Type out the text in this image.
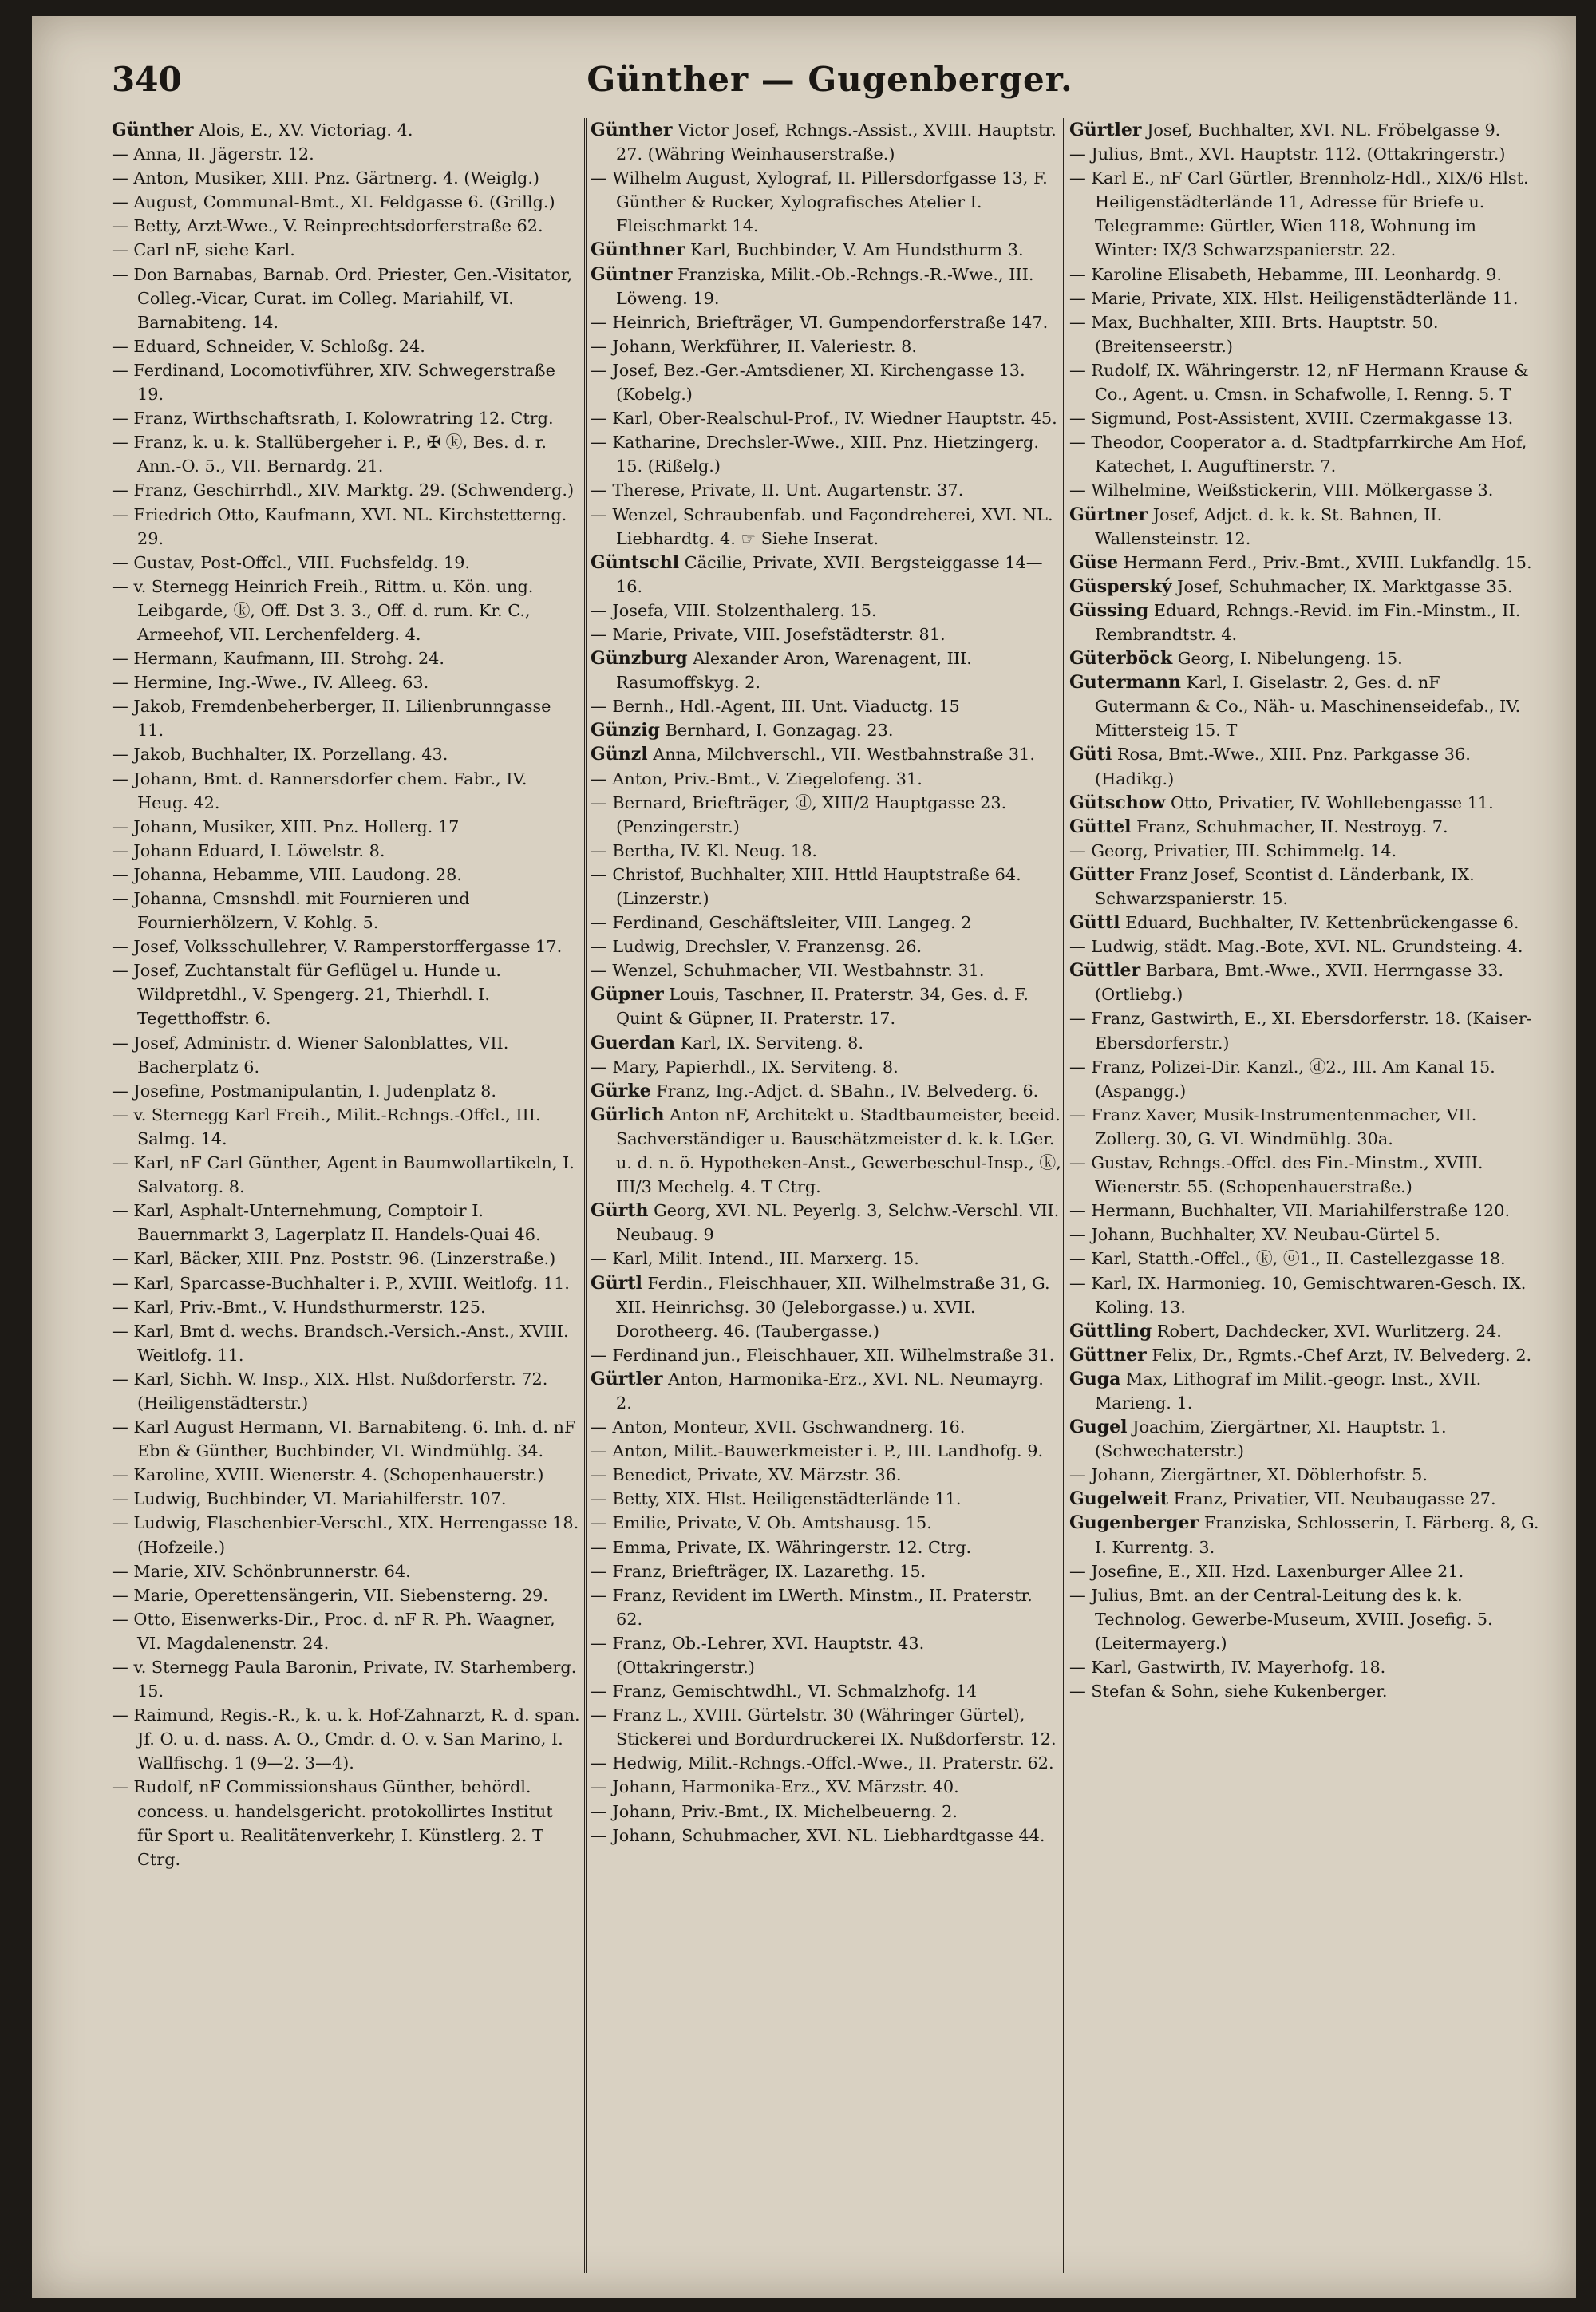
340	Günther — Gugenberger.
Günther Alois, E., XV. Victoriag. 4.
— Anna, II. Jägerstr. 12.
— Anton, Musiker, XIII. Pnz. Gärtnerg. 4. (Weiglg.)
— August, Communal-Bmt., XI. Feldgasse 6. (Grillg.)
— Betty, Arzt-Wwe., V. Reinprechtsdorferstraße 62.
— Carl nF, siehe Karl.
— Don Barnabas, Barnab. Ord. Priester, Gen.-Visitator, Colleg.-Vicar, Curat. im Colleg. Mariahilf, VI. Barnabiteng. 14.
— Eduard, Schneider, V. Schloßg. 24.
— Ferdinand, Locomotivführer, XIV. Schwegerstraße 19.
— Franz, Wirthschaftsrath, I. Kolowratring 12. Ctrg.
— Franz, k. u. k. Stallübergeher i. P., ✠ ⓚ, Bes. d. r. Ann.-O. 5., VII. Bernardg. 21.
— Franz, Geschirrhdl., XIV. Marktg. 29. (Schwenderg.)
— Friedrich Otto, Kaufmann, XVI. NL. Kirchstetterng. 29.
— Gustav, Post-Offcl., VIII. Fuchsfeldg. 19.
— v. Sternegg Heinrich Freih., Rittm. u. Kön. ung. Leibgarde, ⓚ, Off. Dst 3. 3., Off. d. rum. Kr. C., Armeehof, VII. Lerchenfelderg. 4.
— Hermann, Kaufmann, III. Strohg. 24.
— Hermine, Ing.-Wwe., IV. Alleeg. 63.
— Jakob, Fremdenbeherberger, II. Lilienbrunngasse 11.
— Jakob, Buchhalter, IX. Porzellang. 43.
— Johann, Bmt. d. Rannersdorfer chem. Fabr., IV. Heug. 42.
— Johann, Musiker, XIII. Pnz. Hollerg. 17
— Johann Eduard, I. Löwelstr. 8.
— Johanna, Hebamme, VIII. Laudong. 28.
— Johanna, Cmsnshdl. mit Fournieren und Fournierhölzern, V. Kohlg. 5.
— Josef, Volksschullehrer, V. Ramperstorffergasse 17.
— Josef, Zuchtanstalt für Geflügel u. Hunde u. Wildpretdhl., V. Spengerg. 21, Thierhdl. I. Tegetthoffstr. 6.
— Josef, Administr. d. Wiener Salonblattes, VII. Bacherplatz 6.
— Josefine, Postmanipulantin, I. Judenplatz 8.
— v. Sternegg Karl Freih., Milit.-Rchngs.-Offcl., III. Salmg. 14.
— Karl, nF Carl Günther, Agent in Baumwollartikeln, I. Salvatorg. 8.
— Karl, Asphalt-Unternehmung, Comptoir I. Bauernmarkt 3, Lagerplatz II. Handels-Quai 46.
— Karl, Bäcker, XIII. Pnz. Poststr. 96. (Linzerstraße.)
— Karl, Sparcasse-Buchhalter i. P., XVIII. Weitlofg. 11.
— Karl, Priv.-Bmt., V. Hundsthurmerstr. 125.
— Karl, Bmt d. wechs. Brandsch.-Versich.-Anst., XVIII. Weitlofg. 11.
— Karl, Sichh. W. Insp., XIX. Hlst. Nußdorferstr. 72. (Heiligenstädterstr.)
— Karl August Hermann, VI. Barnabiteng. 6. Inh. d. nF Ebn & Günther, Buchbinder, VI. Windmühlg. 34.
— Karoline, XVIII. Wienerstr. 4. (Schopenhauerstr.)
— Ludwig, Buchbinder, VI. Mariahilferstr. 107.
— Ludwig, Flaschenbier-Verschl., XIX. Herrengasse 18. (Hofzeile.)
— Marie, XIV. Schönbrunnerstr. 64.
— Marie, Operettensängerin, VII. Siebensterng. 29.
— Otto, Eisenwerks-Dir., Proc. d. nF R. Ph. Waagner, VI. Magdalenenstr. 24.
— v. Sternegg Paula Baronin, Private, IV. Starhemberg. 15.
— Raimund, Regis.-R., k. u. k. Hof-Zahnarzt, R. d. span. Jf. O. u. d. nass. A. O., Cmdr. d. O. v. San Marino, I. Wallfischg. 1 (9—2. 3—4).
— Rudolf, nF Commissionshaus Günther, behördl. concess. u. handelsgericht. protokollirtes Institut für Sport u. Realitätenverkehr, I. Künstlerg. 2. T Ctrg.
Günther Victor Josef, Rchngs.-Assist., XVIII. Hauptstr. 27. (Währing Weinhauserstraße.)
— Wilhelm August, Xylograf, II. Pillersdorfgasse 13, F. Günther & Rucker, Xylografisches Atelier I. Fleischmarkt 14.
Günthner Karl, Buchbinder, V. Am Hundsthurm 3.
Güntner Franziska, Milit.-Ob.-Rchngs.-R.-Wwe., III. Löweng. 19.
— Heinrich, Briefträger, VI. Gumpendorferstraße 147.
— Johann, Werkführer, II. Valeriestr. 8.
— Josef, Bez.-Ger.-Amtsdiener, XI. Kirchengasse 13. (Kobelg.)
— Karl, Ober-Realschul-Prof., IV. Wiedner Hauptstr. 45.
— Katharine, Drechsler-Wwe., XIII. Pnz. Hietzingerg. 15. (Rißelg.)
— Therese, Private, II. Unt. Augartenstr. 37.
— Wenzel, Schraubenfab. und Façondreherei, XVI. NL. Liebhardtg. 4. ☞ Siehe Inserat.
Güntschl Cäcilie, Private, XVII. Bergsteiggasse 14—16.
— Josefa, VIII. Stolzenthalerg. 15.
— Marie, Private, VIII. Josefstädterstr. 81.
Günzburg Alexander Aron, Warenagent, III. Rasumoffskyg. 2.
— Bernh., Hdl.-Agent, III. Unt. Viaductg. 15
Günzig Bernhard, I. Gonzagag. 23.
Günzl Anna, Milchverschl., VII. Westbahnstraße 31.
— Anton, Priv.-Bmt., V. Ziegelofeng. 31.
— Bernard, Briefträger, ⓓ, XIII/2 Hauptgasse 23. (Penzingerstr.)
— Bertha, IV. Kl. Neug. 18.
— Christof, Buchhalter, XIII. Httld Hauptstraße 64. (Linzerstr.)
— Ferdinand, Geschäftsleiter, VIII. Langeg. 2
— Ludwig, Drechsler, V. Franzensg. 26.
— Wenzel, Schuhmacher, VII. Westbahnstr. 31.
Güpner Louis, Taschner, II. Praterstr. 34, Ges. d. F. Quint & Güpner, II. Praterstr. 17.
Guerdan Karl, IX. Serviteng. 8.
— Mary, Papierhdl., IX. Serviteng. 8.
Gürke Franz, Ing.-Adjct. d. SBahn., IV. Belvederg. 6.
Gürlich Anton nF, Architekt u. Stadtbaumeister, beeid. Sachverständiger u. Bauschätzmeister d. k. k. LGer. u. d. n. ö. Hypotheken-Anst., Gewerbeschul-Insp., ⓚ, III/3 Mechelg. 4. T Ctrg.
Gürth Georg, XVI. NL. Peyerlg. 3, Selchw.-Verschl. VII. Neubaug. 9
— Karl, Milit. Intend., III. Marxerg. 15.
Gürtl Ferdin., Fleischhauer, XII. Wilhelmstraße 31, G. XII. Heinrichsg. 30 (Jeleborgasse.) u. XVII. Dorotheerg. 46. (Taubergasse.)
— Ferdinand jun., Fleischhauer, XII. Wilhelmstraße 31.
Gürtler Anton, Harmonika-Erz., XVI. NL. Neumayrg. 2.
— Anton, Monteur, XVII. Gschwandnerg. 16.
— Anton, Milit.-Bauwerkmeister i. P., III. Landhofg. 9.
— Benedict, Private, XV. Märzstr. 36.
— Betty, XIX. Hlst. Heiligenstädterlände 11.
— Emilie, Private, V. Ob. Amtshausg. 15.
— Emma, Private, IX. Währingerstr. 12. Ctrg.
— Franz, Briefträger, IX. Lazarethg. 15.
— Franz, Revident im LWerth. Minstm., II. Praterstr. 62.
— Franz, Ob.-Lehrer, XVI. Hauptstr. 43. (Ottakringerstr.)
— Franz, Gemischtwdhl., VI. Schmalzhofg. 14
— Franz L., XVIII. Gürtelstr. 30 (Währinger Gürtel), Stickerei und Bordurdruckerei IX. Nußdorferstr. 12.
— Hedwig, Milit.-Rchngs.-Offcl.-Wwe., II. Praterstr. 62.
— Johann, Harmonika-Erz., XV. Märzstr. 40.
— Johann, Priv.-Bmt., IX. Michelbeuerng. 2.
— Johann, Schuhmacher, XVI. NL. Liebhardtgasse 44.
Gürtler Josef, Buchhalter, XVI. NL. Fröbelgasse 9.
— Julius, Bmt., XVI. Hauptstr. 112. (Ottakringerstr.)
— Karl E., nF Carl Gürtler, Brennholz-Hdl., XIX/6 Hlst. Heiligenstädterlände 11, Adresse für Briefe u. Telegramme: Gürtler, Wien 118, Wohnung im Winter: IX/3 Schwarzspanierstr. 22.
— Karoline Elisabeth, Hebamme, III. Leonhardg. 9.
— Marie, Private, XIX. Hlst. Heiligenstädterlände 11.
— Max, Buchhalter, XIII. Brts. Hauptstr. 50. (Breitenseerstr.)
— Rudolf, IX. Währingerstr. 12, nF Hermann Krause & Co., Agent. u. Cmsn. in Schafwolle, I. Renng. 5. T
— Sigmund, Post-Assistent, XVIII. Czermakgasse 13.
— Theodor, Cooperator a. d. Stadtpfarrkirche Am Hof, Katechet, I. Auguftinerstr. 7.
— Wilhelmine, Weißstickerin, VIII. Mölkergasse 3.
Gürtner Josef, Adjct. d. k. k. St. Bahnen, II. Wallensteinstr. 12.
Güse Hermann Ferd., Priv.-Bmt., XVIII. Lukfandlg. 15.
Güsperský Josef, Schuhmacher, IX. Marktgasse 35.
Güssing Eduard, Rchngs.-Revid. im Fin.-Minstm., II. Rembrandtstr. 4.
Güterböck Georg, I. Nibelungeng. 15.
Gutermann Karl, I. Giselastr. 2, Ges. d. nF Gutermann & Co., Näh- u. Maschinenseidefab., IV. Mittersteig 15. T
Güti Rosa, Bmt.-Wwe., XIII. Pnz. Parkgasse 36. (Hadikg.)
Gütschow Otto, Privatier, IV. Wohllebengasse 11.
Güttel Franz, Schuhmacher, II. Nestroyg. 7.
— Georg, Privatier, III. Schimmelg. 14.
Gütter Franz Josef, Scontist d. Länderbank, IX. Schwarzspanierstr. 15.
Güttl Eduard, Buchhalter, IV. Kettenbrückengasse 6.
— Ludwig, städt. Mag.-Bote, XVI. NL. Grundsteing. 4.
Güttler Barbara, Bmt.-Wwe., XVII. Herrngasse 33. (Ortliebg.)
— Franz, Gastwirth, E., XI. Ebersdorferstr. 18. (Kaiser-Ebersdorferstr.)
— Franz, Polizei-Dir. Kanzl., ⓓ2., III. Am Kanal 15. (Aspangg.)
— Franz Xaver, Musik-Instrumentenmacher, VII. Zollerg. 30, G. VI. Windmühlg. 30a.
— Gustav, Rchngs.-Offcl. des Fin.-Minstm., XVIII. Wienerstr. 55. (Schopenhauerstraße.)
— Hermann, Buchhalter, VII. Mariahilferstraße 120.
— Johann, Buchhalter, XV. Neubau-Gürtel 5.
— Karl, Statth.-Offcl., ⓚ, ⓞ1., II. Castellezgasse 18.
— Karl, IX. Harmonieg. 10, Gemischtwaren-Gesch. IX. Koling. 13.
Güttling Robert, Dachdecker, XVI. Wurlitzerg. 24.
Güttner Felix, Dr., Rgmts.-Chef Arzt, IV. Belvederg. 2.
Guga Max, Lithograf im Milit.-geogr. Inst., XVII. Marieng. 1.
Gugel Joachim, Ziergärtner, XI. Hauptstr. 1. (Schwechaterstr.)
— Johann, Ziergärtner, XI. Döblerhofstr. 5.
Gugelweit Franz, Privatier, VII. Neubaugasse 27.
Gugenberger Franziska, Schlosserin, I. Färberg. 8, G. I. Kurrentg. 3.
— Josefine, E., XII. Hzd. Laxenburger Allee 21.
— Julius, Bmt. an der Central-Leitung des k. k. Technolog. Gewerbe-Museum, XVIII. Josefig. 5. (Leitermayerg.)
— Karl, Gastwirth, IV. Mayerhofg. 18.
— Stefan & Sohn, siehe Kukenberger.
